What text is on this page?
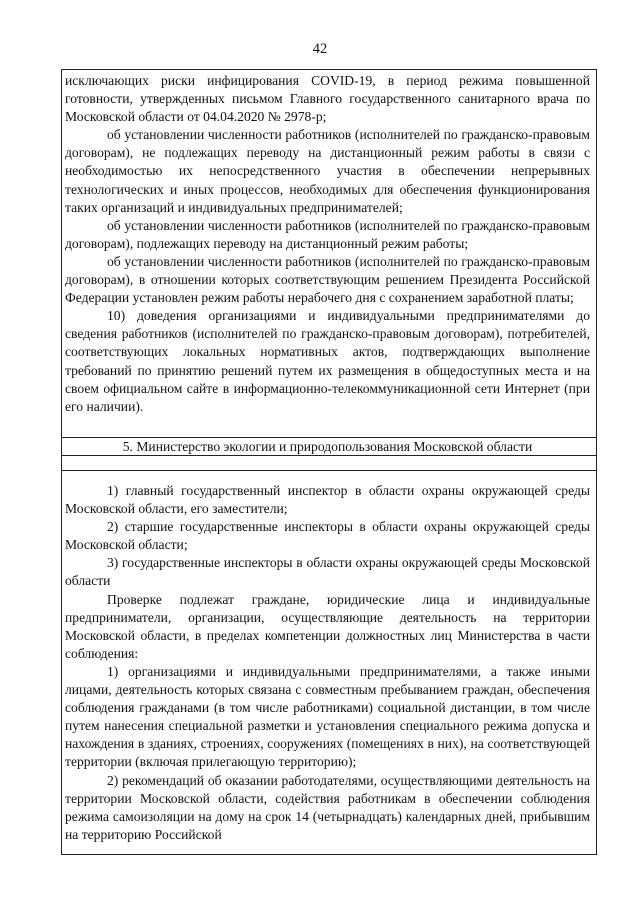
42

исключающих риски инфицирования COVID-19, в период режима повышенной готовности, утвержденных письмом Главного государственного санитарного врача по Московской области от 04.04.2020 № 2978-р;

об установлении численности работников (исполнителей по гражданско-правовым договорам), не подлежащих переводу на дистанционный режим работы в связи с необходимостью их непосредственного участия в обеспечении непрерывных технологических и иных процессов, необходимых для обеспечения функционирования таких организаций и индивидуальных предпринимателей;

об установлении численности работников (исполнителей по гражданско-правовым договорам), подлежащих переводу на дистанционный режим работы;

об установлении численности работников (исполнителей по гражданско-правовым договорам), в отношении которых соответствующим решением Президента Российской Федерации установлен режим работы нерабочего дня с сохранением заработной платы;

10) доведения организациями и индивидуальными предпринимателями до сведения работников (исполнителей по гражданско-правовым договорам), потребителей, соответствующих локальных нормативных актов, подтверждающих выполнение требований по принятию решений путем их размещения в общедоступных места и на своем официальном сайте в информационно-телекоммуникационной сети Интернет (при его наличии).

5. Министерство экологии и природопользования Московской области

1) главный государственный инспектор в области охраны окружающей среды Московской области, его заместители;

2) старшие государственные инспекторы в области охраны окружающей среды Московской области;

3) государственные инспекторы в области охраны окружающей среды Московской области

Проверке подлежат граждане, юридические лица и индивидуальные предприниматели, организации, осуществляющие деятельность на территории Московской области, в пределах компетенции должностных лиц Министерства в части соблюдения:

1) организациями и индивидуальными предпринимателями, а также иными лицами, деятельность которых связана с совместным пребыванием граждан, обеспечения соблюдения гражданами (в том числе работниками) социальной дистанции, в том числе путем нанесения специальной разметки и установления специального режима допуска и нахождения в зданиях, строениях, сооружениях (помещениях в них), на соответствующей территории (включая прилегающую территорию);

2) рекомендаций об оказании работодателями, осуществляющими деятельность на территории Московской области, содействия работникам в обеспечении соблюдения режима самоизоляции на дому на срок 14 (четырнадцать) календарных дней, прибывшим на территорию Российской
